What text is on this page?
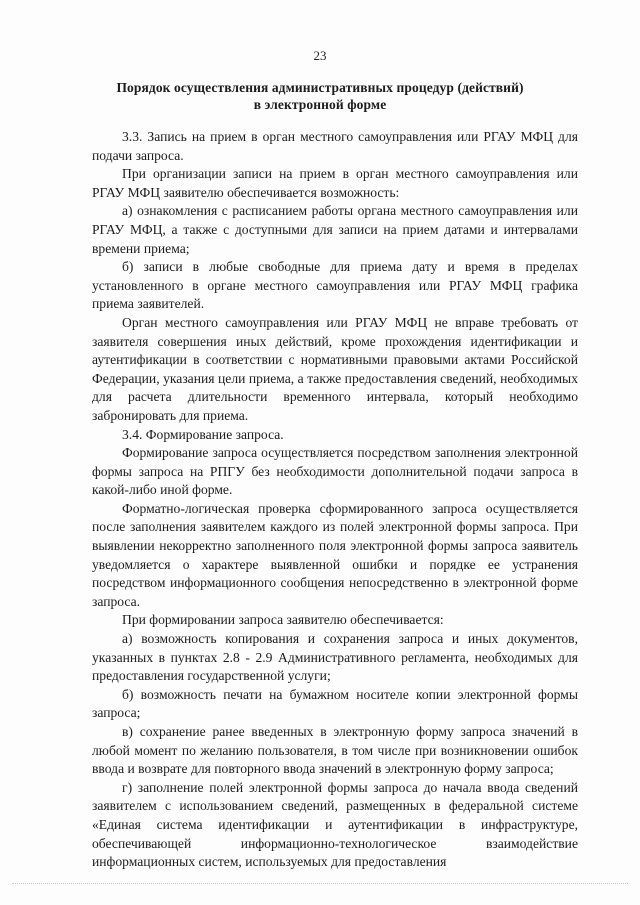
23
Порядок осуществления административных процедур (действий)
в электронной форме

3.3. Запись на прием в орган местного самоуправления или РГАУ МФЦ для подачи запроса.

При организации записи на прием в орган местного самоуправления или РГАУ МФЦ заявителю обеспечивается возможность:

а) ознакомления с расписанием работы органа местного самоуправления или РГАУ МФЦ, а также с доступными для записи на прием датами и интервалами времени приема;

б) записи в любые свободные для приема дату и время в пределах установленного в органе местного самоуправления или РГАУ МФЦ графика приема заявителей.

Орган местного самоуправления или РГАУ МФЦ не вправе требовать от заявителя совершения иных действий, кроме прохождения идентификации и аутентификации в соответствии с нормативными правовыми актами Российской Федерации, указания цели приема, а также предоставления сведений, необходимых для расчета длительности временного интервала, который необходимо забронировать для приема.

3.4. Формирование запроса.

Формирование запроса осуществляется посредством заполнения электронной формы запроса на РПГУ без необходимости дополнительной подачи запроса в какой-либо иной форме.

Форматно-логическая проверка сформированного запроса осуществляется после заполнения заявителем каждого из полей электронной формы запроса. При выявлении некорректно заполненного поля электронной формы запроса заявитель уведомляется о характере выявленной ошибки и порядке ее устранения посредством информационного сообщения непосредственно в электронной форме запроса.

При формировании запроса заявителю обеспечивается:

а) возможность копирования и сохранения запроса и иных документов, указанных в пунктах 2.8 - 2.9 Административного регламента, необходимых для предоставления государственной услуги;

б) возможность печати на бумажном носителе копии электронной формы запроса;

в) сохранение ранее введенных в электронную форму запроса значений в любой момент по желанию пользователя, в том числе при возникновении ошибок ввода и возврате для повторного ввода значений в электронную форму запроса;

г) заполнение полей электронной формы запроса до начала ввода сведений заявителем с использованием сведений, размещенных в федеральной системе «Единая система идентификации и аутентификации в инфраструктуре, обеспечивающей информационно-технологическое взаимодействие информационных систем, используемых для предоставления
